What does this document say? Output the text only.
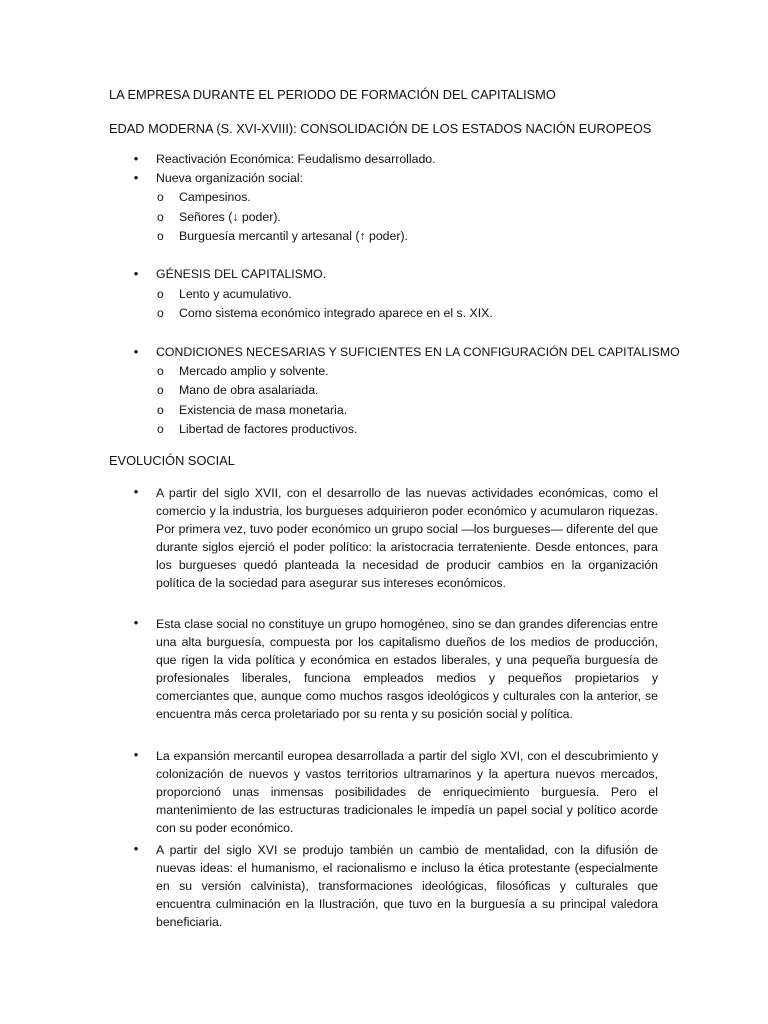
LA EMPRESA DURANTE EL PERIODO DE FORMACIÓN DEL CAPITALISMO
EDAD MODERNA (S. XVI-XVIII): CONSOLIDACIÓN DE LOS ESTADOS NACIÓN EUROPEOS
• Reactivación Económica: Feudalismo desarrollado.
• Nueva organización social:
o Campesinos.
o Señores (↓ poder).
o Burguesía mercantil y artesanal (↑ poder).
• GÉNESIS DEL CAPITALISMO.
o Lento y acumulativo.
o Como sistema económico integrado aparece en el s. XIX.
• CONDICIONES NECESARIAS Y SUFICIENTES EN LA CONFIGURACIÓN DEL CAPITALISMO
o Mercado amplio y solvente.
o Mano de obra asalariada.
o Existencia de masa monetaria.
o Libertad de factores productivos.
EVOLUCIÓN SOCIAL
• A partir del siglo XVII, con el desarrollo de las nuevas actividades económicas, como el comercio y la industria, los burgueses adquirieron poder económico y acumularon riquezas. Por primera vez, tuvo poder económico un grupo social —los burgueses— diferente del que durante siglos ejerció el poder político: la aristocracia terrateniente. Desde entonces, para los burgueses quedó planteada la necesidad de producir cambios en la organización política de la sociedad para asegurar sus intereses económicos.
• Esta clase social no constituye un grupo homogéneo, sino se dan grandes diferencias entre una alta burguesía, compuesta por los capitalismo dueños de los medios de producción, que rigen la vida política y económica en estados liberales, y una pequeña burguesía de profesionales liberales, funciona empleados medios y pequeños propietarios y comerciantes que, aunque como muchos rasgos ideológicos y culturales con la anterior, se encuentra más cerca proletariado por su renta y su posición social y política.
• La expansión mercantil europea desarrollada a partir del siglo XVI, con el descubrimiento y colonización de nuevos y vastos territorios ultramarinos y la apertura nuevos mercados, proporcionó unas inmensas posibilidades de enriquecimiento burguesía. Pero el mantenimiento de las estructuras tradicionales le impedía un papel social y político acorde con su poder económico.
• A partir del siglo XVI se produjo también un cambio de mentalidad, con la difusión de nuevas ideas: el humanismo, el racionalismo e incluso la ética protestante (especialmente en su versión calvinista), transformaciones ideológicas, filosóficas y culturales que encuentra culminación en la Ilustración, que tuvo en la burguesía a su principal valedora beneficiaria.
